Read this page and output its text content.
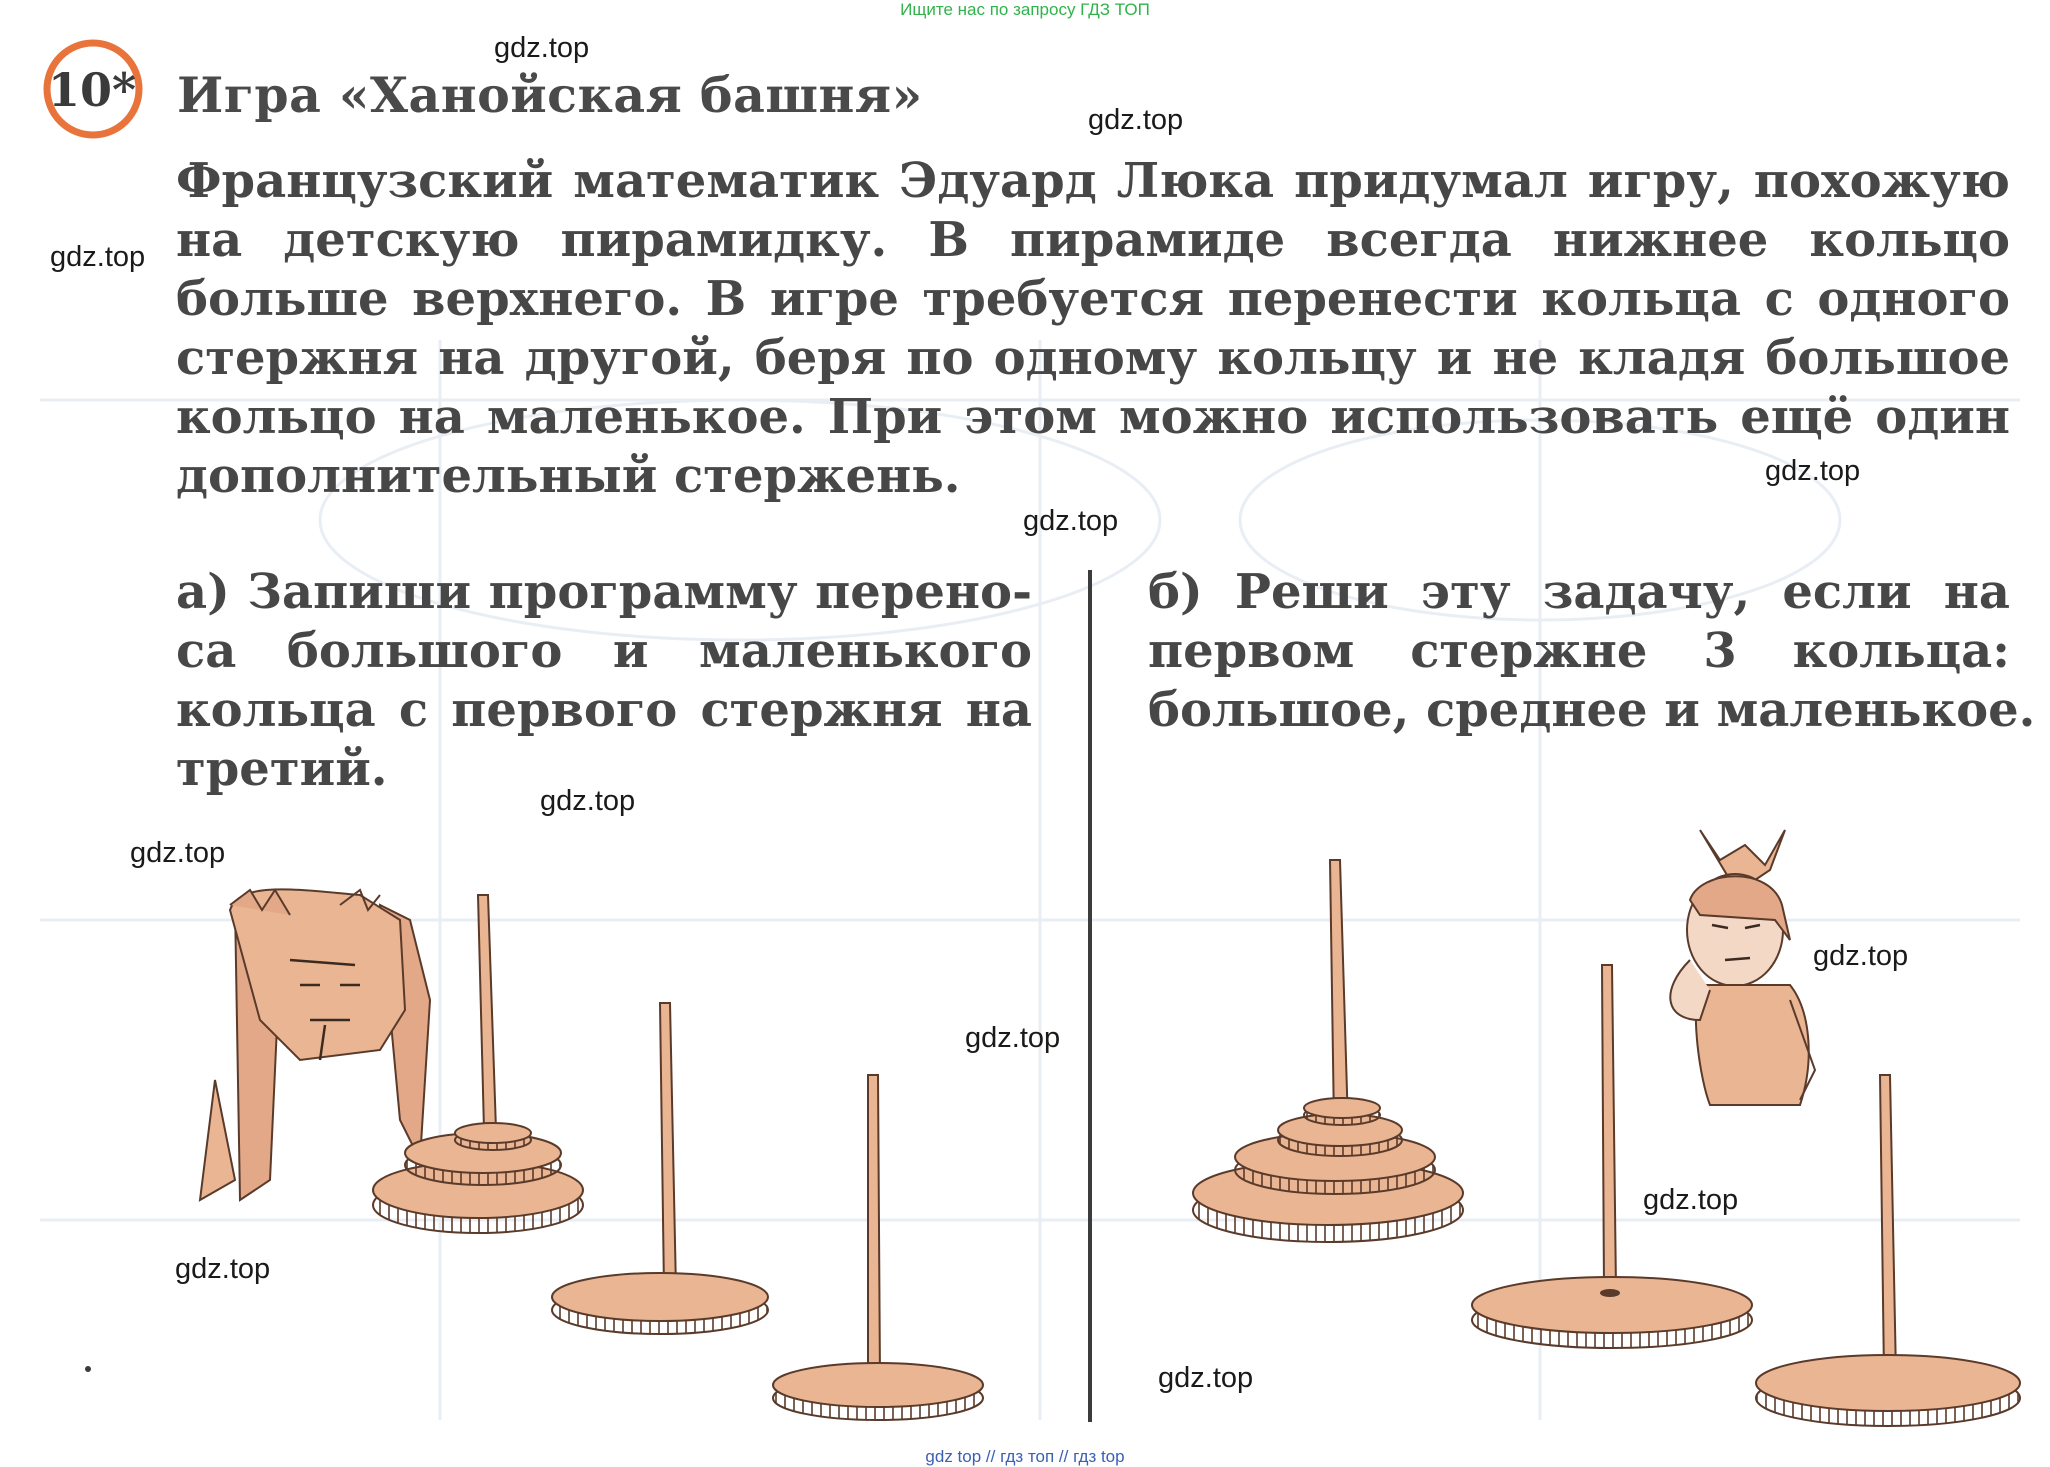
Ищите нас по запросу ГДЗ ТОП
10* Игра «Ханойская башня»
Французский математик Эдуард Люка придумал игру, похожую
на детскую пирамидку. В пирамиде всегда нижнее кольцо
больше верхнего. В игре требуется перенести кольца с одного
стержня на другой, беря по одному кольцу и не кладя большое
кольцо на маленькое. При этом можно использовать ещё один
дополнительный стержень.
а) Запиши программу перено-
са большого и маленького
кольца с первого стержня на
третий.
б) Реши эту задачу, если на
первом стержне 3 кольца:
большое, среднее и маленькое.
gdz.top
gdz.top
gdz.top
gdz.top
gdz.top
gdz.top
gdz.top
gdz.top
gdz.top
gdz.top
gdz.top
gdz.top
gdz top // гдз топ // гдз top
